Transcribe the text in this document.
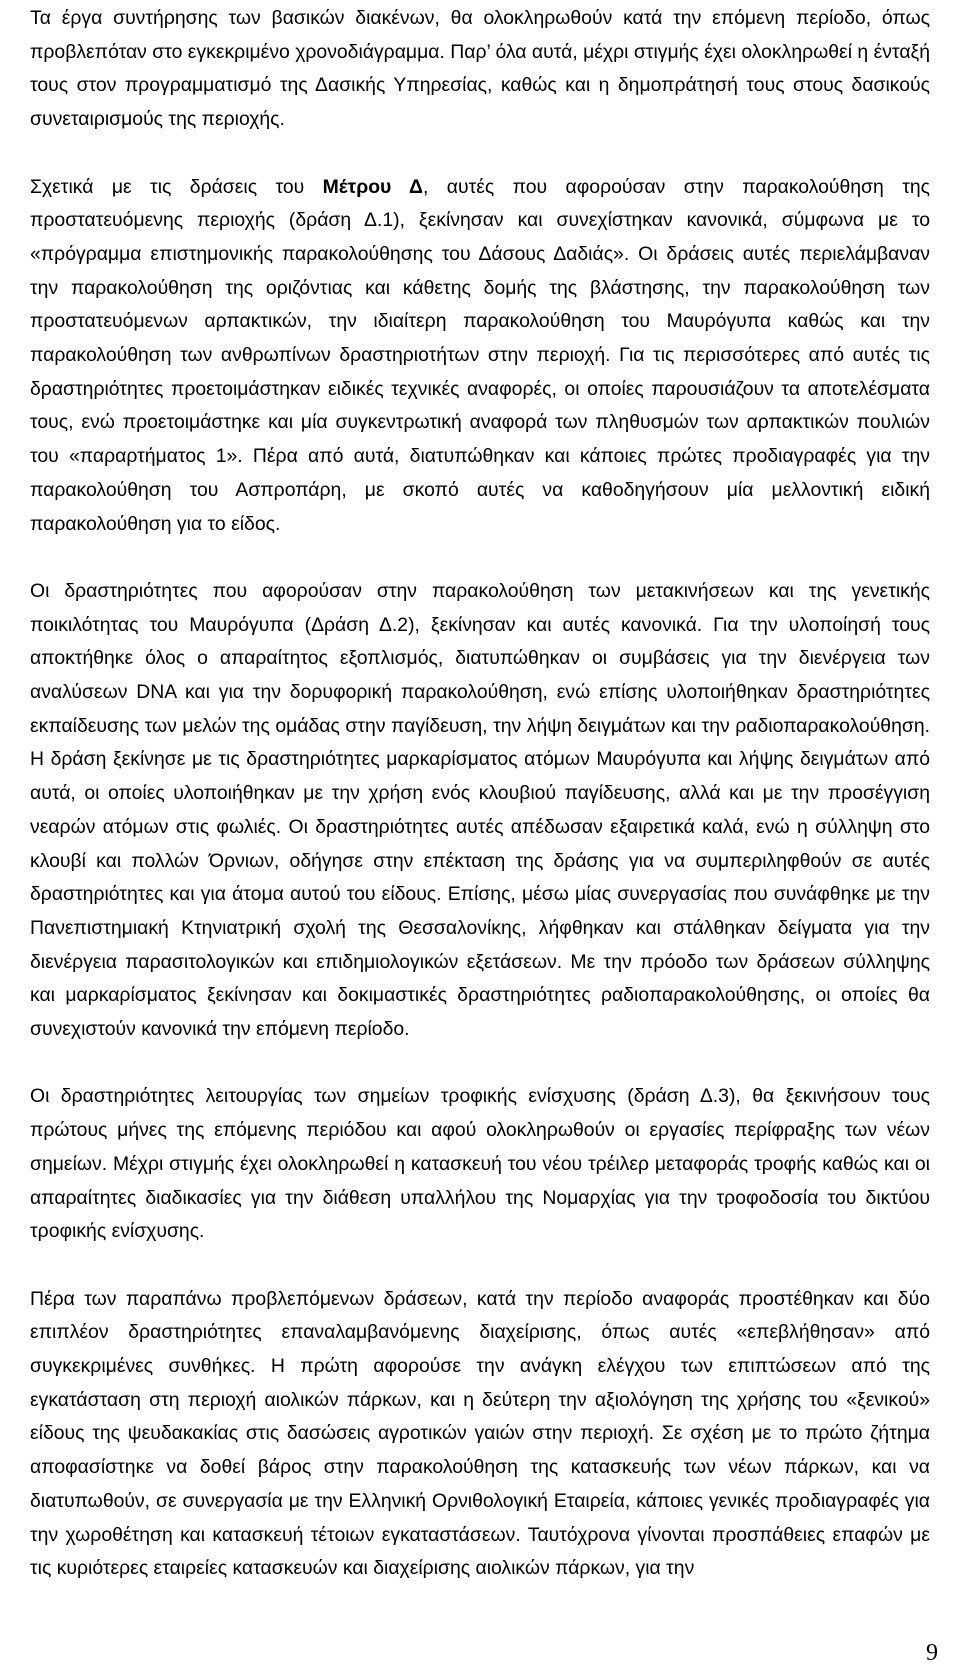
Τα έργα συντήρησης των βασικών διακένων, θα ολοκληρωθούν κατά την επόμενη περίοδο, όπως προβλεπόταν στο εγκεκριμένο χρονοδιάγραμμα. Παρ’ όλα αυτά, μέχρι στιγμής έχει ολοκληρωθεί η ένταξή τους στον προγραμματισμό της Δασικής Υπηρεσίας, καθώς και η δημοπράτησή τους στους δασικούς συνεταιρισμούς της περιοχής.

Σχετικά με τις δράσεις του Μέτρου Δ, αυτές που αφορούσαν στην παρακολούθηση της προστατευόμενης περιοχής (δράση Δ.1), ξεκίνησαν και συνεχίστηκαν κανονικά, σύμφωνα με το «πρόγραμμα επιστημονικής παρακολούθησης του Δάσους Δαδιάς». Οι δράσεις αυτές περιελάμβαναν την παρακολούθηση της οριζόντιας και κάθετης δομής της βλάστησης, την παρακολούθηση των προστατευόμενων αρπακτικών, την ιδιαίτερη παρακολούθηση του Μαυρόγυπα καθώς και την παρακολούθηση των ανθρωπίνων δραστηριοτήτων στην περιοχή. Για τις περισσότερες από αυτές τις δραστηριότητες προετοιμάστηκαν ειδικές τεχνικές αναφορές, οι οποίες παρουσιάζουν τα αποτελέσματα τους, ενώ προετοιμάστηκε και μία συγκεντρωτική αναφορά των πληθυσμών των αρπακτικών πουλιών του «παραρτήματος 1». Πέρα από αυτά, διατυπώθηκαν και κάποιες πρώτες προδιαγραφές για την παρακολούθηση του Ασπροπάρη, με σκοπό αυτές να καθοδηγήσουν μία μελλοντική ειδική παρακολούθηση για το είδος.

Οι δραστηριότητες που αφορούσαν στην παρακολούθηση των μετακινήσεων και της γενετικής ποικιλότητας του Μαυρόγυπα (Δράση Δ.2), ξεκίνησαν και αυτές κανονικά. Για την υλοποίησή τους αποκτήθηκε όλος ο απαραίτητος εξοπλισμός, διατυπώθηκαν οι συμβάσεις για την διενέργεια των αναλύσεων DNA και για την δορυφορική παρακολούθηση, ενώ επίσης υλοποιήθηκαν δραστηριότητες εκπαίδευσης των μελών της ομάδας στην παγίδευση, την λήψη δειγμάτων και την ραδιοπαρακολούθηση. Η δράση ξεκίνησε με τις δραστηριότητες μαρκαρίσματος ατόμων Μαυρόγυπα και λήψης δειγμάτων από αυτά, οι οποίες υλοποιήθηκαν με την χρήση ενός κλουβιού παγίδευσης, αλλά και με την προσέγγιση νεαρών ατόμων στις φωλιές. Οι δραστηριότητες αυτές απέδωσαν εξαιρετικά καλά, ενώ η σύλληψη στο κλουβί και πολλών Όρνιων, οδήγησε στην επέκταση της δράσης για να συμπεριληφθούν σε αυτές δραστηριότητες και για άτομα αυτού του είδους. Επίσης, μέσω μίας συνεργασίας που συνάφθηκε με την Πανεπιστημιακή Κτηνιατρική σχολή της Θεσσαλονίκης, λήφθηκαν και στάλθηκαν δείγματα για την διενέργεια παρασιτολογικών και επιδημιολογικών εξετάσεων. Με την πρόοδο των δράσεων σύλληψης και μαρκαρίσματος ξεκίνησαν και δοκιμαστικές δραστηριότητες ραδιοπαρακολούθησης, οι οποίες θα συνεχιστούν κανονικά την επόμενη περίοδο.

Οι δραστηριότητες λειτουργίας των σημείων τροφικής ενίσχυσης (δράση Δ.3), θα ξεκινήσουν τους πρώτους μήνες της επόμενης περιόδου και αφού ολοκληρωθούν οι εργασίες περίφραξης των νέων σημείων. Μέχρι στιγμής έχει ολοκληρωθεί η κατασκευή του νέου τρέιλερ μεταφοράς τροφής καθώς και οι απαραίτητες διαδικασίες για την διάθεση υπαλλήλου της Νομαρχίας για την τροφοδοσία του δικτύου τροφικής ενίσχυσης.

Πέρα των παραπάνω προβλεπόμενων δράσεων, κατά την περίοδο αναφοράς προστέθηκαν και δύο επιπλέον δραστηριότητες επαναλαμβανόμενης διαχείρισης, όπως αυτές «επεβλήθησαν» από συγκεκριμένες συνθήκες. Η πρώτη αφορούσε την ανάγκη ελέγχου των επιπτώσεων από της εγκατάσταση στη περιοχή αιολικών πάρκων, και η δεύτερη την αξιολόγηση της χρήσης του «ξενικού» είδους της ψευδακακίας στις δασώσεις αγροτικών γαιών στην περιοχή. Σε σχέση με το πρώτο ζήτημα αποφασίστηκε να δοθεί βάρος στην παρακολούθηση της κατασκευής των νέων πάρκων, και να διατυπωθούν, σε συνεργασία με την Ελληνική Ορνιθολογική Εταιρεία, κάποιες γενικές προδιαγραφές για την χωροθέτηση και κατασκευή τέτοιων εγκαταστάσεων. Ταυτόχρονα γίνονται προσπάθειες επαφών με τις κυριότερες εταιρείες κατασκευών και διαχείρισης αιολικών πάρκων, για την

9
